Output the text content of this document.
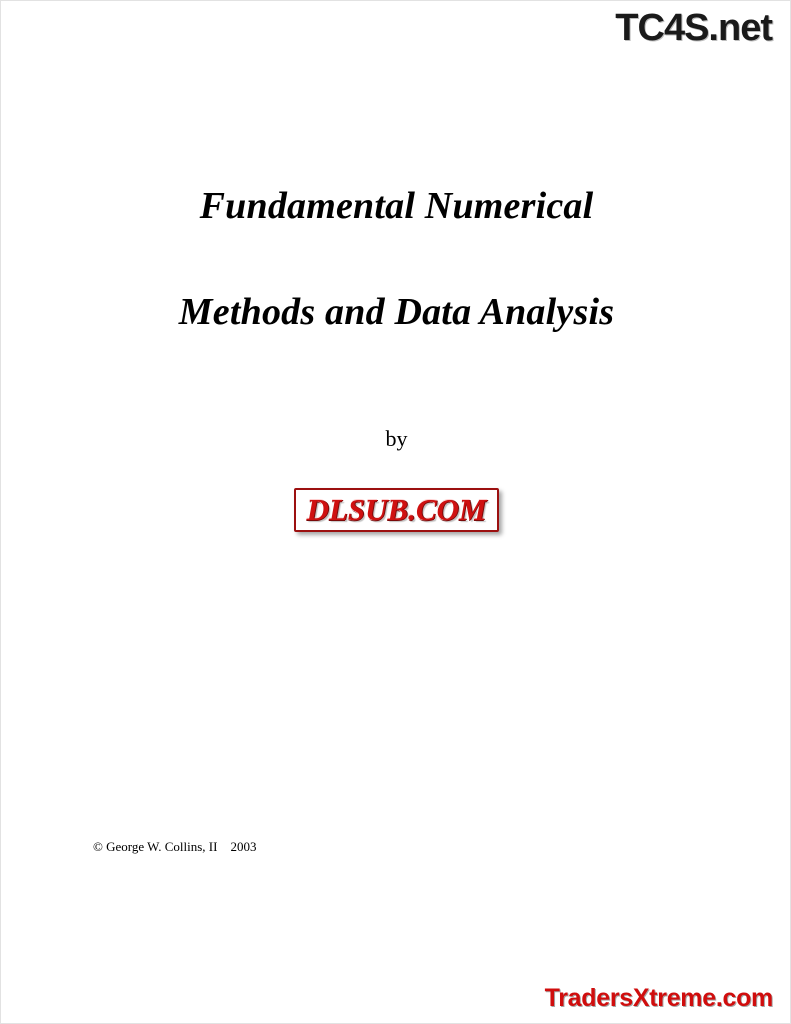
TC4S.net
Fundamental Numerical
Methods and Data Analysis
by
DLSUB.COM
© George W. Collins, II    2003
TradersXtreme.com
